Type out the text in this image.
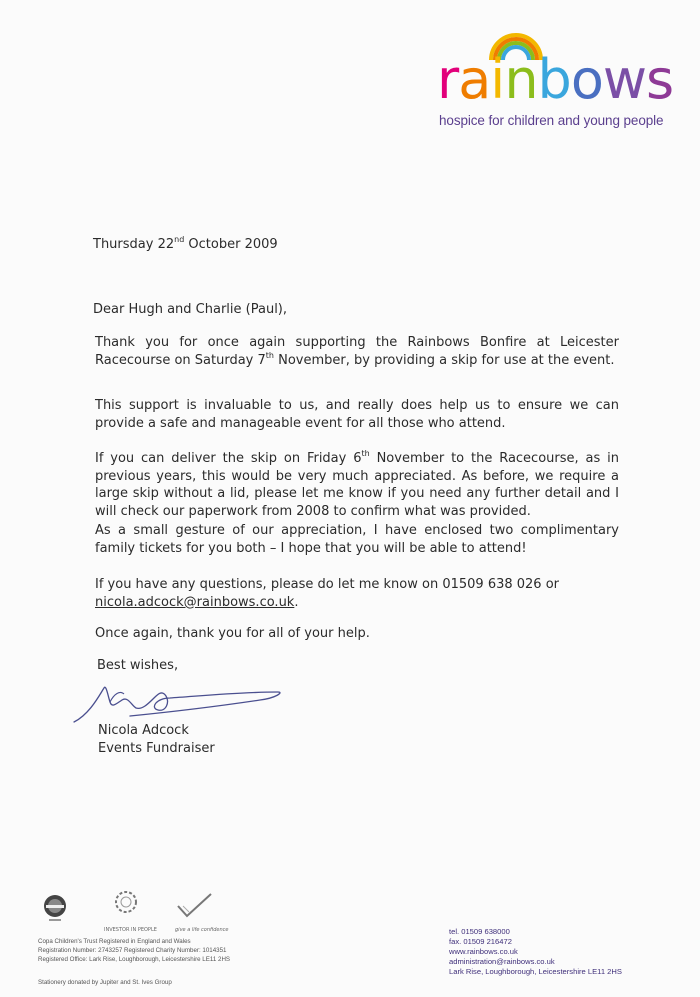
rainbows
hospice for children and young people
Thursday 22nd October 2009
Dear Hugh and Charlie (Paul),
Thank you for once again supporting the Rainbows Bonfire at Leicester Racecourse on Saturday 7th November, by providing a skip for use at the event.
This support is invaluable to us, and really does help us to ensure we can provide a safe and manageable event for all those who attend.
If you can deliver the skip on Friday 6th November to the Racecourse, as in previous years, this would be very much appreciated. As before, we require a large skip without a lid, please let me know if you need any further detail and I will check our paperwork from 2008 to confirm what was provided.
As a small gesture of our appreciation, I have enclosed two complimentary family tickets for you both – I hope that you will be able to attend!
If you have any questions, please do let me know on 01509 638 026 or
nicola.adcock@rainbows.co.uk.
Once again, thank you for all of your help.
Best wishes,
Nicola Adcock
Events Fundraiser
INVESTOR IN PEOPLE	give a life confidence
Copa Children's Trust Registered in England and Wales
Registration Number: 2743257 Registered Charity Number: 1014351
Registered Office: Lark Rise, Loughborough, Leicestershire LE11 2HS
Stationery donated by Jupiter and St. Ives Group
tel. 01509 638000
fax. 01509 216472
www.rainbows.co.uk
administration@rainbows.co.uk
Lark Rise, Loughborough, Leicestershire LE11 2HS
